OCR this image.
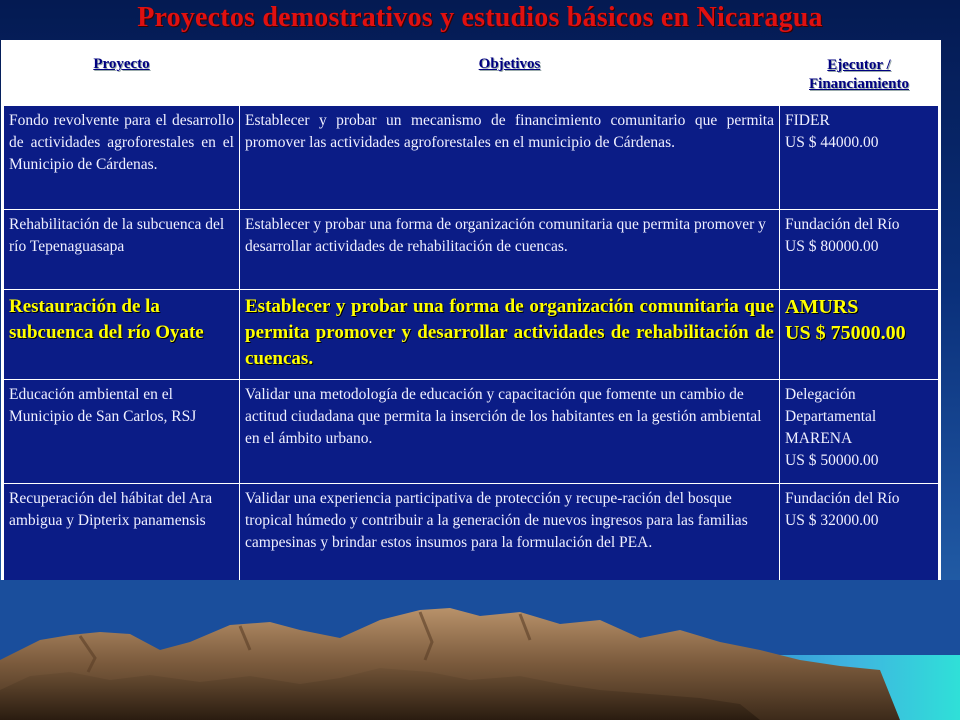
Proyectos demostrativos y estudios básicos en Nicaragua
Proyecto	Objetivos	Ejecutor /
Financiamiento

Fondo revolvente para el desarrollo de actividades agroforestales en el Municipio de Cárdenas.	Establecer y probar un mecanismo de financimiento comunitario que permita promover las actividades agroforestales en el municipio de Cárdenas.	FIDER
US $ 44000.00

Rehabilitación de la subcuenca del río Tepenaguasapa	Establecer y probar una forma de organización comunitaria que permita promover y desarrollar actividades de rehabilitación de cuencas.	Fundación del Río
US $ 80000.00

Restauración de la subcuenca del río Oyate	Establecer y probar una forma de organización comunitaria que permita promover y desarrollar actividades de rehabilitación de cuencas.	AMURS
US $ 75000.00

Educación ambiental en el Municipio de San Carlos, RSJ	Validar una metodología de educación y capacitación que fomente un cambio de actitud ciudadana que permita la inserción de los habitantes en la gestión ambiental en el ámbito urbano.	Delegación Departamental MARENA
US $ 50000.00

Recuperación del hábitat del Ara ambigua y Dipterix panamensis	Validar una experiencia participativa de protección y recupe-ración del bosque tropical húmedo y contribuir a la generación de nuevos ingresos para las familias campesinas y brindar estos insumos para la formulación del PEA.	Fundación del Río
US $ 32000.00
